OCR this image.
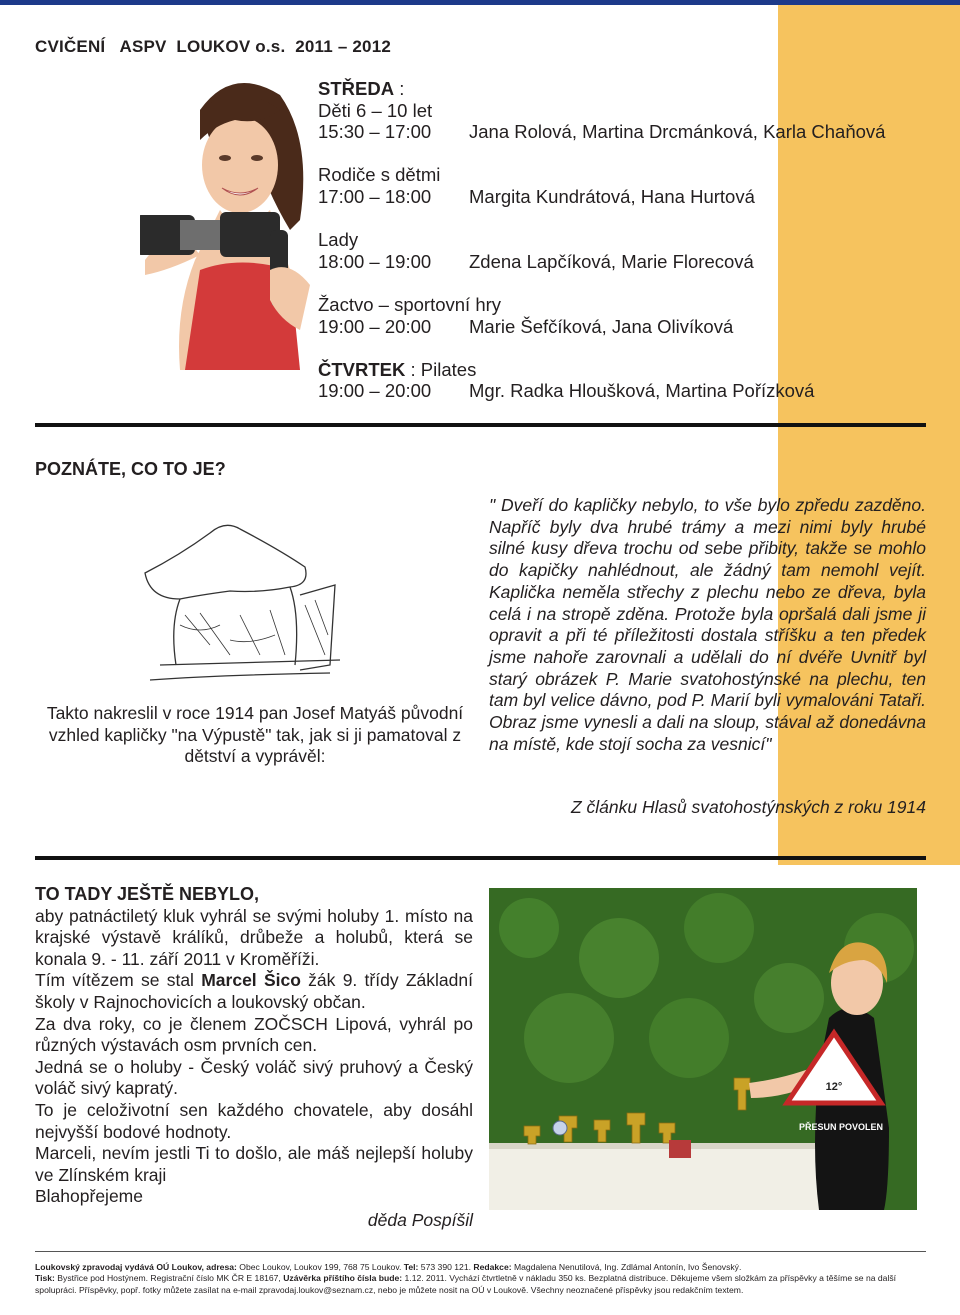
CVIČENÍ   ASPV  LOUKOV o.s.  2011 – 2012
STŘEDA :
Děti 6 – 10 let
15:30 – 17:00	Jana Rolová, Martina Drcmánková, Karla Chaňová
Rodiče s dětmi
17:00 – 18:00	Margita Kundrátová, Hana Hurtová
Lady
18:00 – 19:00	Zdena Lapčíková, Marie Florecová
Žactvo – sportovní hry
19:00 – 20:00	Marie Šefčíková, Jana Olivíková
ČTVRTEK : Pilates
19:00 – 20:00	Mgr. Radka Hloušková, Martina Pořízková
POZNÁTE, CO TO JE?
Takto nakreslil v roce 1914 pan Josef Matyáš původní vzhled kapličky "na Výpustě" tak, jak si ji pamatoval z dětství a vyprávěl:
" Dveří do kapličky nebylo, to vše bylo zpředu zazděno. Napříč byly dva hrubé trámy a mezi nimi byly hrubé silné kusy dřeva trochu od sebe přibity, takže se mohlo do kapičky nahlédnout, ale žádný tam nemohl vejít. Kaplička neměla střechy z plechu nebo ze dřeva, byla celá i na stropě zděna. Protože byla opršalá dali jsme ji opravit a při té příležitosti dostala stříšku a ten předek jsme nahoře zarovnali a udělali do ní dvéře Uvnitř byl starý obrázek P. Marie svatohostýnské na plechu, ten tam byl velice dávno, pod P. Marií byli vymalováni Tataři. Obraz jsme vynesli a dali na sloup, stával až donedávna na místě, kde stojí socha za vesnicí"
Z článku Hlasů svatohostýnských z roku 1914
TO TADY JEŠTĚ NEBYLO,

aby patnáctiletý kluk vyhrál se svými holuby 1. místo na krajské výstavě králíků, drůbeže a holubů, která se konala 9. - 11. září 2011 v Kroměříži.

Tím vítězem se stal Marcel Šico žák 9. třídy Základní školy v Rajnochovicích a loukovský občan.

Za dva roky, co je členem ZOČSCH Lipová, vyhrál po různých výstavách osm prvních cen.

Jedná se o holuby - Český voláč sivý pruhový a Český voláč sivý kapratý.

To je celoživotní sen každého chovatele, aby dosáhl nejvyšší bodové hodnoty.

Marceli, nevím jestli Ti to došlo, ale máš nejlepší holuby ve Zlínském kraji

Blahopřejeme

děda Pospíšil

12°
PŘESUN POVOLEN
Loukovský zpravodaj vydává OÚ Loukov, adresa: Obec Loukov, Loukov 199, 768 75 Loukov. Tel: 573 390 121. Redakce: Magdalena Nenutilová, Ing. Zdlámal Antonín, Ivo Šenovský.
Tisk: Bystřice pod Hostýnem. Registrační číslo MK ČR E 18167, Uzávěrka příštího čísla bude: 1.12. 2011. Vychází čtvrtletně v nákladu 350 ks. Bezplatná distribuce. Děkujeme všem složkám za příspěvky a těšíme se na další spolupráci. Příspěvky, popř. fotky můžete zasílat na e-mail zpravodaj.loukov@seznam.cz, nebo je můžete nosit na OÚ v Loukově. Všechny neoznačené příspěvky jsou redakčním textem.
